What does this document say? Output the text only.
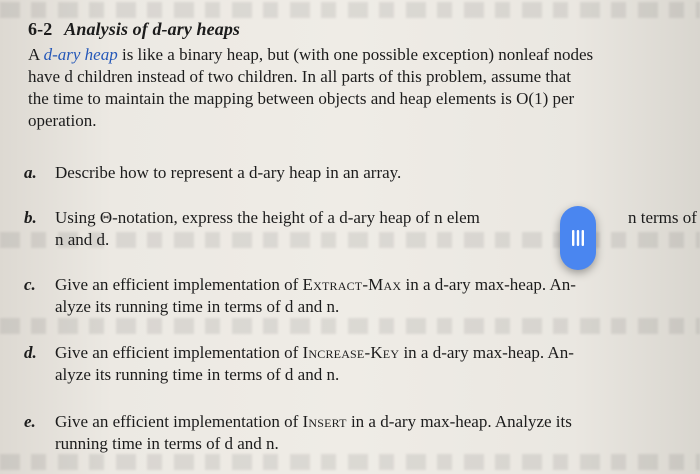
6-2 Analysis of d-ary heaps
A d-ary heap is like a binary heap, but (with one possible exception) nonleaf nodes
have d children instead of two children. In all parts of this problem, assume that
the time to maintain the mapping between objects and heap elements is O(1) per
operation.
a.	Describe how to represent a d-ary heap in an array.
b.	Using Θ-notation, express the height of a d-ary heap of n elem	n terms of
n and d.
c.	Give an efficient implementation of Extract-Max in a d-ary max-heap. An-
alyze its running time in terms of d and n.
d.	Give an efficient implementation of Increase-Key in a d-ary max-heap. An-
alyze its running time in terms of d and n.
e.	Give an efficient implementation of Insert in a d-ary max-heap. Analyze its
running time in terms of d and n.
